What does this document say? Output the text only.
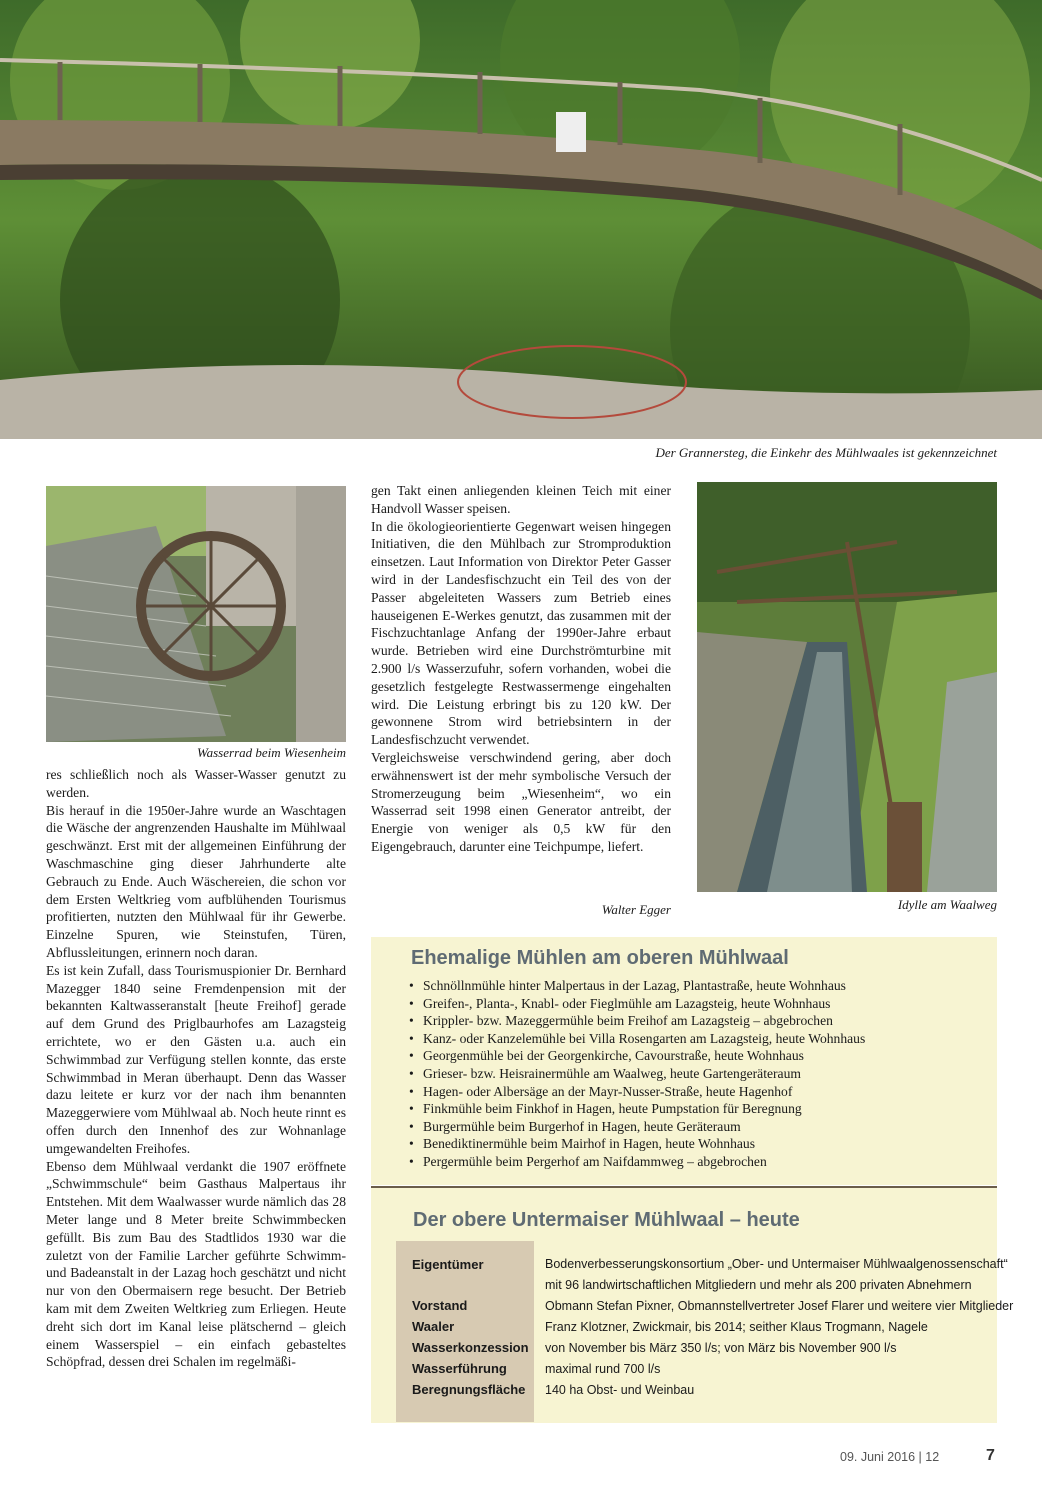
Der Grannersteg, die Einkehr des Mühlwaales ist gekennzeichnet
Wasserrad beim Wiesenheim
Idylle am Waalweg

res schließlich noch als Wasser-Wasser genutzt zu werden.

Bis herauf in die 1950er-Jahre wurde an Waschtagen die Wäsche der angrenzenden Haushalte im Mühlwaal geschwänzt. Erst mit der allgemeinen Einführung der Waschmaschine ging dieser Jahrhunderte alte Gebrauch zu Ende. Auch Wäschereien, die schon vor dem Ersten Weltkrieg vom aufblühenden Tourismus profitierten, nutzten den Mühlwaal für ihr Gewerbe. Einzelne Spuren, wie Steinstufen, Türen, Abflussleitungen, erinnern noch daran.

Es ist kein Zufall, dass Tourismuspionier Dr. Bernhard Mazegger 1840 seine Fremdenpension mit der bekannten Kaltwasseranstalt [heute Freihof] gerade auf dem Grund des Priglbaurhofes am Lazagsteig errichtete, wo er den Gästen u.a. auch ein Schwimmbad zur Verfügung stellen konnte, das erste Schwimmbad in Meran überhaupt. Denn das Wasser dazu leitete er kurz vor der nach ihm benannten Mazeggerwiere vom Mühlwaal ab. Noch heute rinnt es offen durch den Innenhof des zur Wohnanlage umgewandelten Freihofes.

Ebenso dem Mühlwaal verdankt die 1907 eröffnete „Schwimmschule“ beim Gasthaus Malpertaus ihr Entstehen. Mit dem Waalwasser wurde nämlich das 28 Meter lange und 8 Meter breite Schwimmbecken gefüllt. Bis zum Bau des Stadtlidos 1930 war die zuletzt von der Familie Larcher geführte Schwimm- und Badeanstalt in der Lazag hoch geschätzt und nicht nur von den Obermaisern rege besucht. Der Betrieb kam mit dem Zweiten Weltkrieg zum Erliegen. Heute dreht sich dort im Kanal leise plätschernd – gleich einem Wasserspiel – ein einfach gebasteltes Schöpfrad, dessen drei Schalen im regelmäßi-

gen Takt einen anliegenden kleinen Teich mit einer Handvoll Wasser speisen.

In die ökologieorientierte Gegenwart weisen hingegen Initiativen, die den Mühlbach zur Stromproduktion einsetzen. Laut Information von Direktor Peter Gasser wird in der Landesfischzucht ein Teil des von der Passer abgeleiteten Wassers zum Betrieb eines hauseigenen E-Werkes genutzt, das zusammen mit der Fischzuchtanlage Anfang der 1990er-Jahre erbaut wurde. Betrieben wird eine Durchströmturbine mit 2.900 l/s Wasserzufuhr, sofern vorhanden, wobei die gesetzlich festgelegte Restwassermenge eingehalten wird. Die Leistung erbringt bis zu 120 kW. Der gewonnene Strom wird betriebsintern in der Landesfischzucht verwendet.

Vergleichsweise verschwindend gering, aber doch erwähnenswert ist der mehr symbolische Versuch der Stromerzeugung beim „Wiesenheim“, wo ein Wasserrad seit 1998 einen Generator antreibt, der Energie von weniger als 0,5 kW für den Eigengebrauch, darunter eine Teichpumpe, liefert.

Walter Egger
Ehemalige Mühlen am oberen Mühlwaal
• Schnöllnmühle hinter Malpertaus in der Lazag, Plantastraße, heute Wohnhaus
• Greifen-, Planta-, Knabl- oder Fieglmühle am Lazagsteig, heute Wohnhaus
• Krippler- bzw. Mazeggermühle beim Freihof am Lazagsteig – abgebrochen
• Kanz- oder Kanzelemühle bei Villa Rosengarten am Lazagsteig, heute Wohnhaus
• Georgenmühle bei der Georgenkirche, Cavourstraße, heute Wohnhaus
• Grieser- bzw. Heisrainermühle am Waalweg, heute Gartengeräteraum
• Hagen- oder Albersäge an der Mayr-Nusser-Straße, heute Hagenhof
• Finkmühle beim Finkhof in Hagen, heute Pumpstation für Beregnung
• Burgermühle beim Burgerhof in Hagen, heute Geräteraum
• Benediktinermühle beim Mairhof in Hagen, heute Wohnhaus
• Pergermühle beim Pergerhof am Naifdammweg – abgebrochen
Der obere Untermaiser Mühlwaal – heute
Eigentümer	Bodenverbesserungskonsortium „Ober- und Untermaiser Mühlwaalgenossenschaft“
mit 96 landwirtschaftlichen Mitgliedern und mehr als 200 privaten Abnehmern
Vorstand	Obmann Stefan Pixner, Obmannstellvertreter Josef Flarer und weitere vier Mitglieder
Waaler	Franz Klotzner, Zwickmair, bis 2014; seither Klaus Trogmann, Nagele
Wasserkonzession von November bis März 350 l/s; von März bis November 900 l/s
Wasserführung	maximal rund 700 l/s
Beregnungsfläche 140 ha Obst- und Weinbau
09. Juni 2016 | 12	7
